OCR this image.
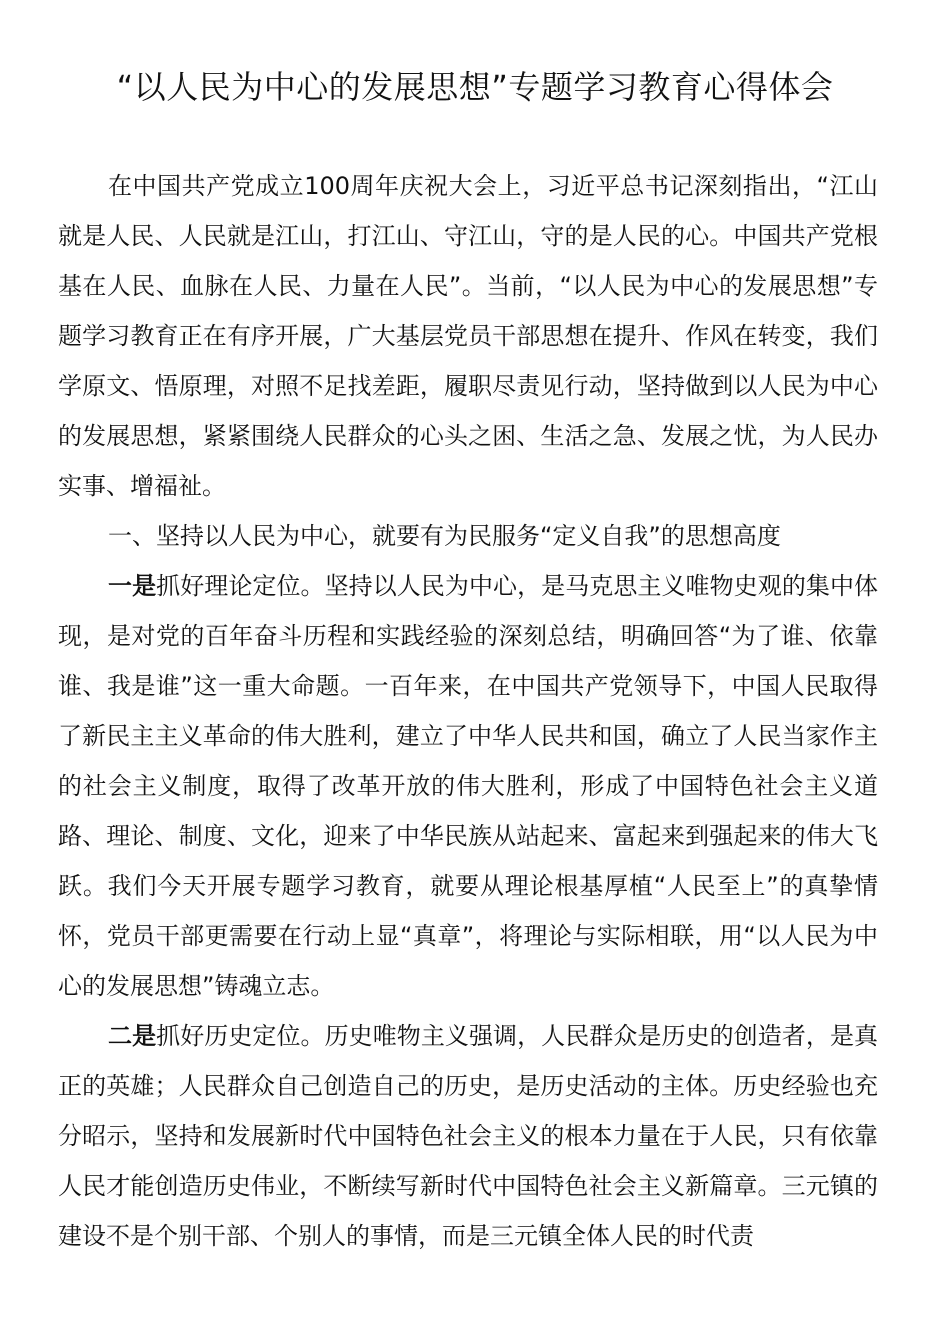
“以人民为中心的发展思想”专题学习教育心得体会

在中国共产党成立100周年庆祝大会上，习近平总书记深刻指出，“江山就是人民、人民就是江山，打江山、守江山，守的是人民的心。中国共产党根基在人民、血脉在人民、力量在人民”。当前，“以人民为中心的发展思想”专题学习教育正在有序开展，广大基层党员干部思想在提升、作风在转变，我们学原文、悟原理，对照不足找差距，履职尽责见行动，坚持做到以人民为中心的发展思想，紧紧围绕人民群众的心头之困、生活之急、发展之忧，为人民办实事、增福祉。

一、坚持以人民为中心，就要有为民服务“定义自我”的思想高度

一是抓好理论定位。坚持以人民为中心，是马克思主义唯物史观的集中体现，是对党的百年奋斗历程和实践经验的深刻总结，明确回答“为了谁、依靠谁、我是谁”这一重大命题。一百年来，在中国共产党领导下，中国人民取得了新民主主义革命的伟大胜利，建立了中华人民共和国，确立了人民当家作主的社会主义制度，取得了改革开放的伟大胜利，形成了中国特色社会主义道路、理论、制度、文化，迎来了中华民族从站起来、富起来到强起来的伟大飞跃。我们今天开展专题学习教育，就要从理论根基厚植“人民至上”的真挚情怀，党员干部更需要在行动上显“真章”，将理论与实际相联，用“以人民为中心的发展思想”铸魂立志。

二是抓好历史定位。历史唯物主义强调，人民群众是历史的创造者，是真正的英雄；人民群众自己创造自己的历史，是历史活动的主体。历史经验也充分昭示，坚持和发展新时代中国特色社会主义的根本力量在于人民，只有依靠人民才能创造历史伟业，不断续写新时代中国特色社会主义新篇章。三元镇的建设不是个别干部、个别人的事情，而是三元镇全体人民的时代责
